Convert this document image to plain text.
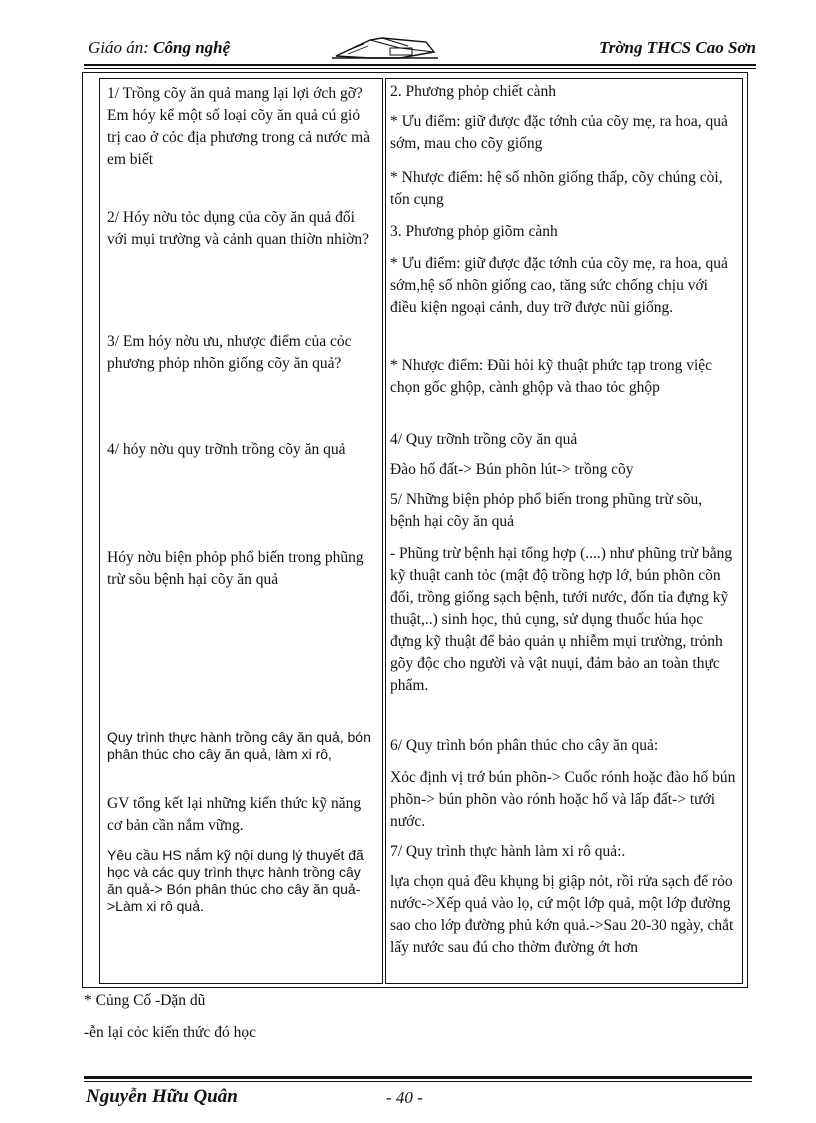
Giáo án: Công nghệ	Trờng THCS Cao Sơn
1/ Trồng cõy ăn quả mang lại lợi ớch gỡ? Em hóy kể một số loại cõy ăn quả cú giỏ trị cao ở cỏc địa phương trong cả nước mà em biết
2/ Hóy nờu tỏc dụng của cõy ăn quả đối với mụi trường và cảnh quan thiờn nhiờn?
3/ Em hóy nờu ưu, nhược điểm của cỏc phương phỏp nhõn giống cõy ăn quả?
4/ hóy nờu quy trỡnh trồng cõy ăn quả
Hóy nờu biện phỏp phổ biến trong phũng trừ sõu bệnh hại cõy ăn quả
Quy trình thực hành trồng cây ăn quả, bón phân thúc cho cây ăn quả, làm xi rô,
GV tổng kết lại những kiến thức kỹ năng cơ bản cần nắm vững.
Yêu cầu HS nắm kỹ nội dung lý thuyết đã học và các quy trình thực hành trồng cây ăn quả-> Bón phân thúc cho cây ăn quả->Làm xi rô quả.
2. Phương phỏp chiết cành
* Ưu điểm: giữ được đặc tớnh của cõy mẹ, ra hoa, quả sớm, mau cho cõy giống
* Nhược điểm: hệ số nhõn giống thấp, cõy chúng còi, tốn cụng
3. Phương phỏp giõm cành
* Ưu điểm: giữ được đặc tớnh của cõy mẹ, ra hoa, quả sớm,hệ số nhõn giống cao, tăng sức chống chịu với điều kiện ngoại cảnh, duy trỡ được nũi giống.
* Nhược điểm: Đũi hỏi kỹ thuật phức tạp trong việc chọn gốc ghộp, cành ghộp và thao tỏc ghộp
4/ Quy trỡnh trồng cõy ăn quả
Đào hố đất-> Bún phõn lút-> trồng cõy
5/ Những biện phỏp phổ biến trong phũng trừ sõu, bệnh hại cõy ăn quả
- Phũng trừ bệnh hại tổng hợp (....) như phũng trừ bằng kỹ thuật canh tỏc (mật độ trồng hợp lớ, bún phõn cõn đối, trồng giống sạch bệnh, tưới nước, đốn tỉa đựng kỹ thuật,..) sinh học, thủ cụng, sử dụng thuốc húa học đựng kỹ thuật để bảo quản ụ nhiễm mụi trường, trỏnh gõy độc cho người và vật nuụi, đảm bảo an toàn thực phẩm.
6/ Quy trình bón phân thúc cho cây ăn quả:
Xỏc định vị trớ bún phõn-> Cuốc rónh hoặc đào hố bún phõn-> bún phõn vào rónh hoặc hố và lấp đất-> tưới nước.
7/ Quy trình thực hành làm xi rô quả:.
lựa chọn quả đều khụng bị giập nỏt, rồi rửa sạch để rỏo nước->Xếp quả vào lọ, cứ một lớp quả, một lớp đường sao cho lớp đường phủ kớn quả.->Sau 20-30 ngày, chắt lấy nước sau đú cho thờm đường ớt hơn
* Củng Cố -Dặn dũ
-ễn lại cỏc kiến thức đó học
Nguyễn Hữu Quân	- 40 -
